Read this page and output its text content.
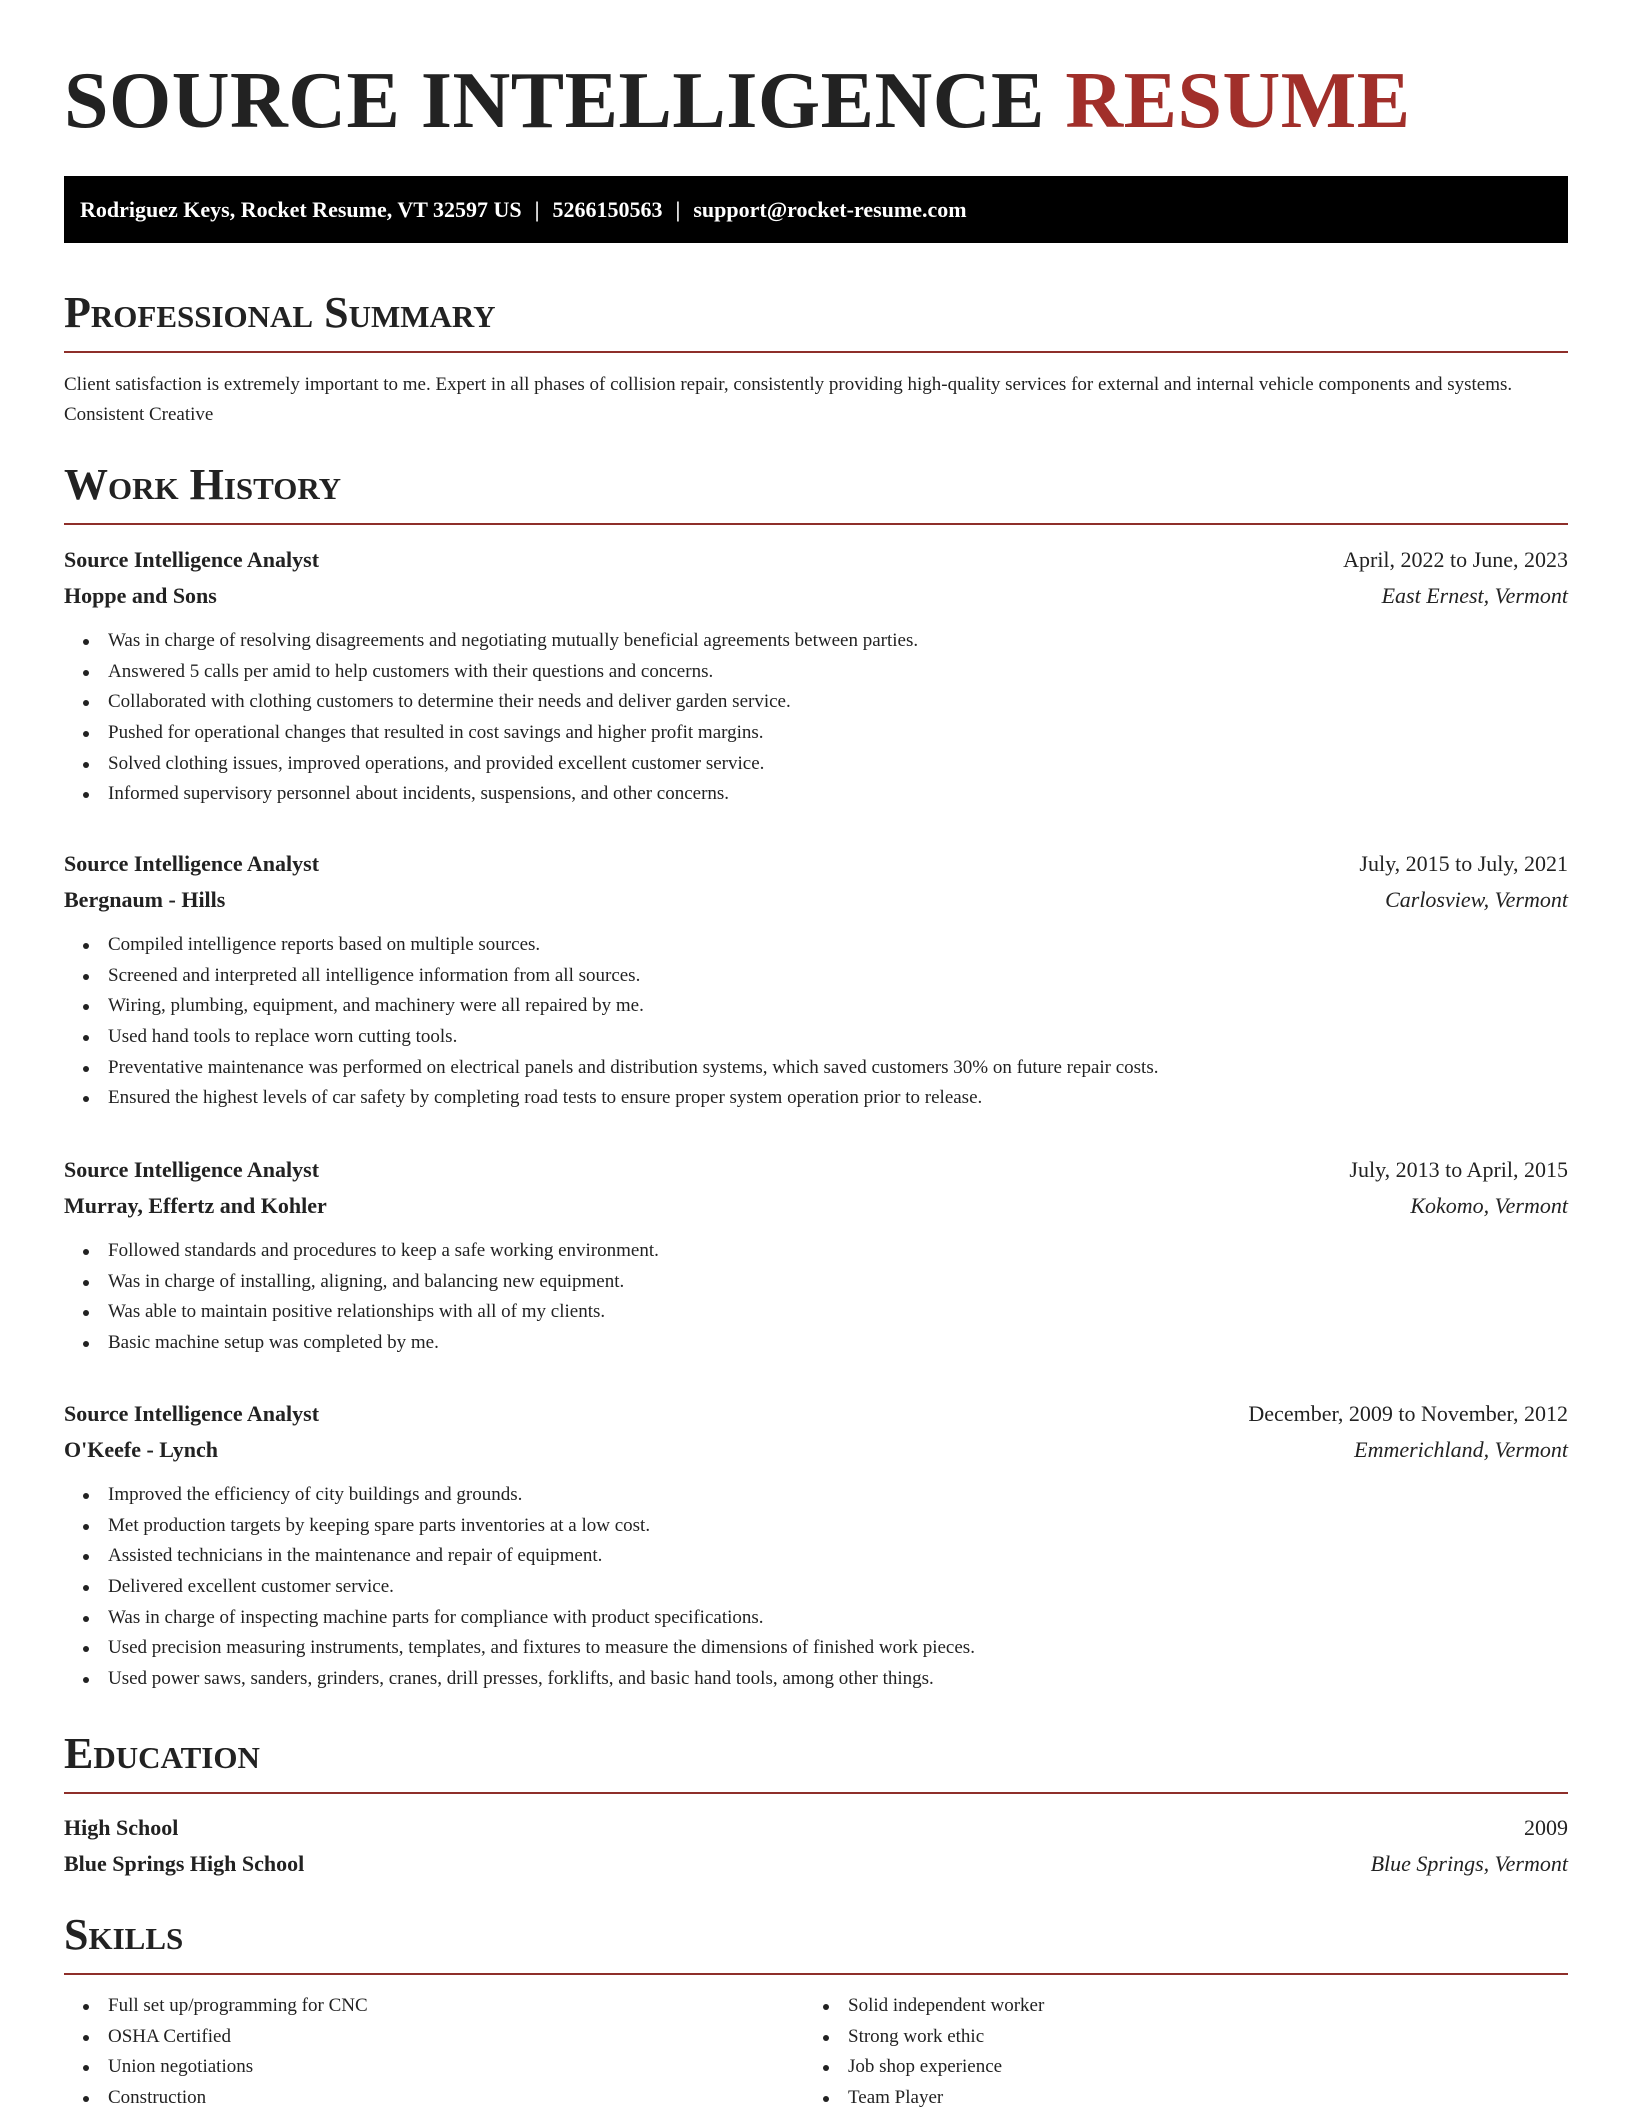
SOURCE INTELLIGENCE RESUME
Rodriguez Keys, Rocket Resume, VT 32597 US | 5266150563 | support@rocket-resume.com
Professional Summary

Client satisfaction is extremely important to me. Expert in all phases of collision repair, consistently providing high-quality services for external and internal vehicle components and systems. Consistent Creative

Work History
Source Intelligence Analyst	April, 2022 to June, 2023
Hoppe and Sons	East Ernest, Vermont
Was in charge of resolving disagreements and negotiating mutually beneficial agreements between parties.
Answered 5 calls per amid to help customers with their questions and concerns.
Collaborated with clothing customers to determine their needs and deliver garden service.
Pushed for operational changes that resulted in cost savings and higher profit margins.
Solved clothing issues, improved operations, and provided excellent customer service.
Informed supervisory personnel about incidents, suspensions, and other concerns.
Source Intelligence Analyst	July, 2015 to July, 2021
Bergnaum - Hills	Carlosview, Vermont
Compiled intelligence reports based on multiple sources.
Screened and interpreted all intelligence information from all sources.
Wiring, plumbing, equipment, and machinery were all repaired by me.
Used hand tools to replace worn cutting tools.
Preventative maintenance was performed on electrical panels and distribution systems, which saved customers 30% on future repair costs.
Ensured the highest levels of car safety by completing road tests to ensure proper system operation prior to release.
Source Intelligence Analyst	July, 2013 to April, 2015
Murray, Effertz and Kohler	Kokomo, Vermont
Followed standards and procedures to keep a safe working environment.
Was in charge of installing, aligning, and balancing new equipment.
Was able to maintain positive relationships with all of my clients.
Basic machine setup was completed by me.
Source Intelligence Analyst	December, 2009 to November, 2012
O'Keefe - Lynch	Emmerichland, Vermont
Improved the efficiency of city buildings and grounds.
Met production targets by keeping spare parts inventories at a low cost.
Assisted technicians in the maintenance and repair of equipment.
Delivered excellent customer service.
Was in charge of inspecting machine parts for compliance with product specifications.
Used precision measuring instruments, templates, and fixtures to measure the dimensions of finished work pieces.
Used power saws, sanders, grinders, cranes, drill presses, forklifts, and basic hand tools, among other things.
Education
High School	2009
Blue Springs High School	Blue Springs, Vermont
Skills
Full set up/programming for CNC
OSHA Certified
Union negotiations
Construction
Solid independent worker
Strong work ethic
Job shop experience
Team Player
